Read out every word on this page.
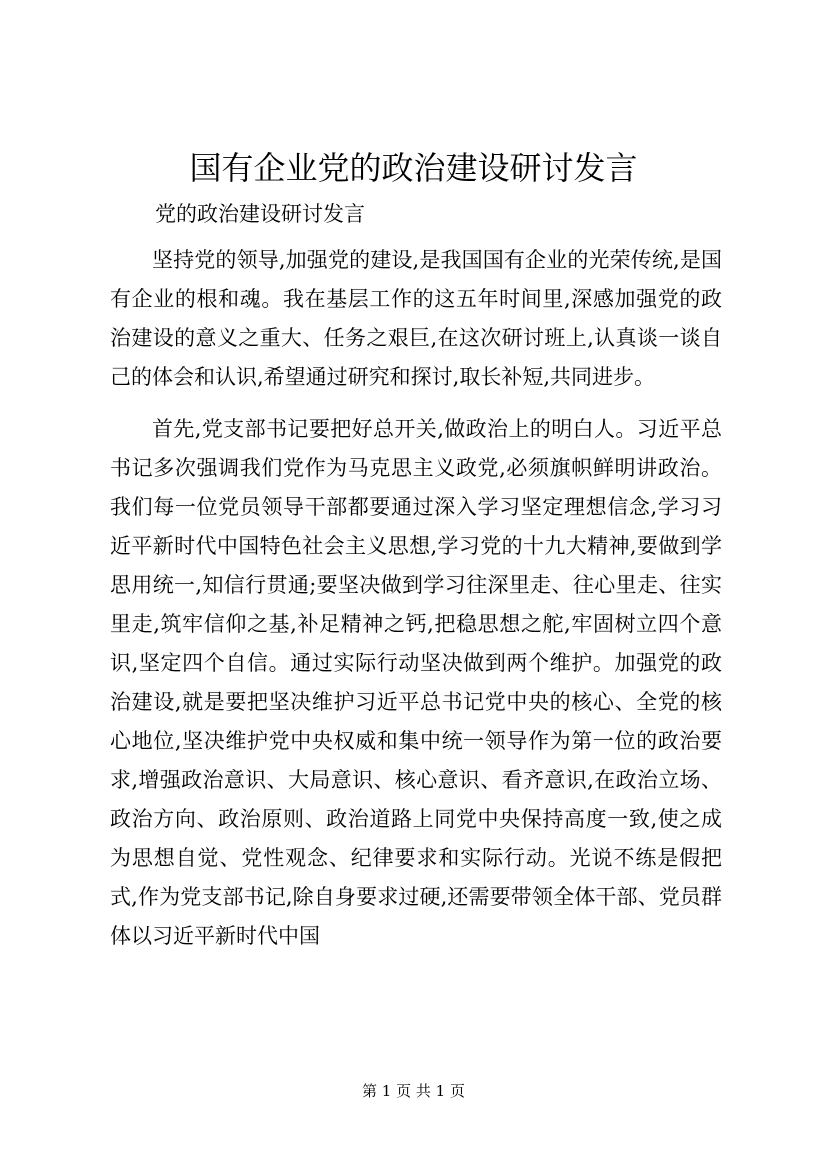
国有企业党的政治建设研讨发言

党的政治建设研讨发言

坚持党的领导,加强党的建设,是我国国有企业的光荣传统,是国有企业的根和魂。我在基层工作的这五年时间里,深感加强党的政治建设的意义之重大、任务之艰巨,在这次研讨班上,认真谈一谈自己的体会和认识,希望通过研究和探讨,取长补短,共同进步。

首先,党支部书记要把好总开关,做政治上的明白人。习近平总书记多次强调我们党作为马克思主义政党,必须旗帜鲜明讲政治。我们每一位党员领导干部都要通过深入学习坚定理想信念,学习习近平新时代中国特色社会主义思想,学习党的十九大精神,要做到学思用统一,知信行贯通;要坚决做到学习往深里走、往心里走、往实里走,筑牢信仰之基,补足精神之钙,把稳思想之舵,牢固树立四个意识,坚定四个自信。通过实际行动坚决做到两个维护。加强党的政治建设,就是要把坚决维护习近平总书记党中央的核心、全党的核心地位,坚决维护党中央权威和集中统一领导作为第一位的政治要求,增强政治意识、大局意识、核心意识、看齐意识,在政治立场、政治方向、政治原则、政治道路上同党中央保持高度一致,使之成为思想自觉、党性观念、纪律要求和实际行动。光说不练是假把式,作为党支部书记,除自身要求过硬,还需要带领全体干部、党员群体以习近平新时代中国

第 1 页 共 1 页
